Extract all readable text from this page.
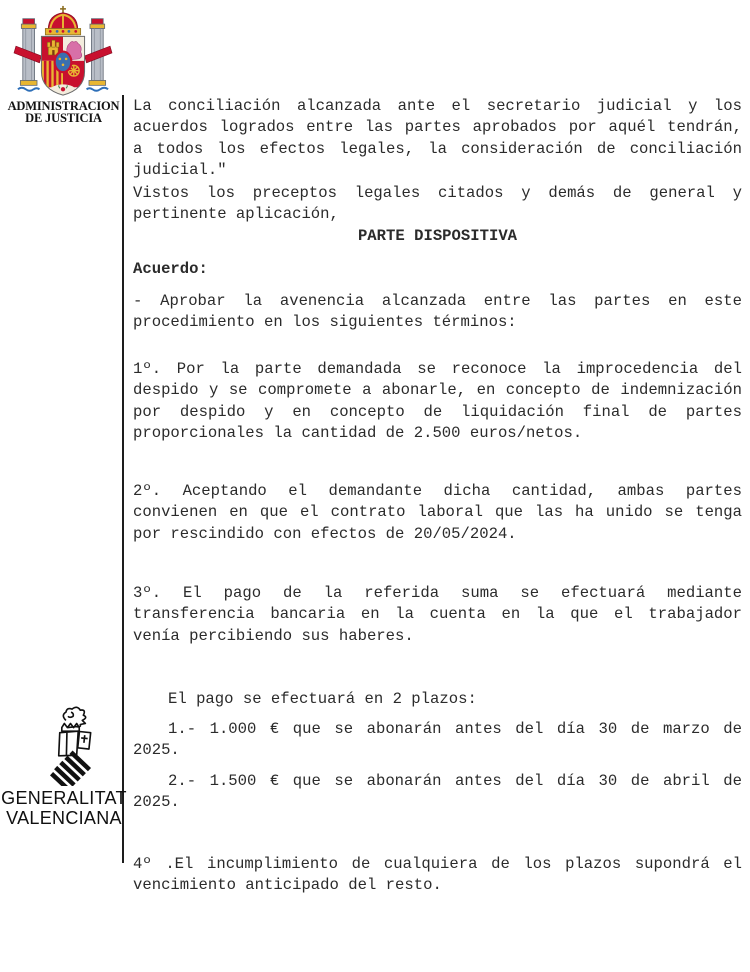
ADMINISTRACION
DE JUSTICIA
GENERALITAT
VALENCIANA
La conciliación alcanzada ante el secretario judicial y los
acuerdos logrados entre las partes aprobados por aquél tendrán,
a todos los efectos legales, la consideración de conciliación
judicial."
Vistos los preceptos legales citados y demás de general y
pertinente aplicación,
PARTE DISPOSITIVA
Acuerdo:
- Aprobar la avenencia alcanzada entre las partes en este
procedimiento en los siguientes términos:
1º. Por la parte demandada se reconoce la improcedencia del
despido y se compromete a abonarle, en concepto de indemnización
por despido y en concepto de liquidación final de partes
proporcionales la cantidad de 2.500 euros/netos.
2º. Aceptando el demandante dicha cantidad, ambas partes
convienen en que el contrato laboral que las ha unido se tenga
por rescindido con efectos de 20/05/2024.
3º. El pago de la referida suma se efectuará mediante
transferencia bancaria en la cuenta en la que el trabajador
venía percibiendo sus haberes.
El pago se efectuará en 2 plazos:
1.- 1.000 € que se abonarán antes del día 30 de marzo de
2025.
2.- 1.500 € que se abonarán antes del día 30 de abril de
2025.
4º .El incumplimiento de cualquiera de los plazos supondrá el
vencimiento anticipado del resto.
